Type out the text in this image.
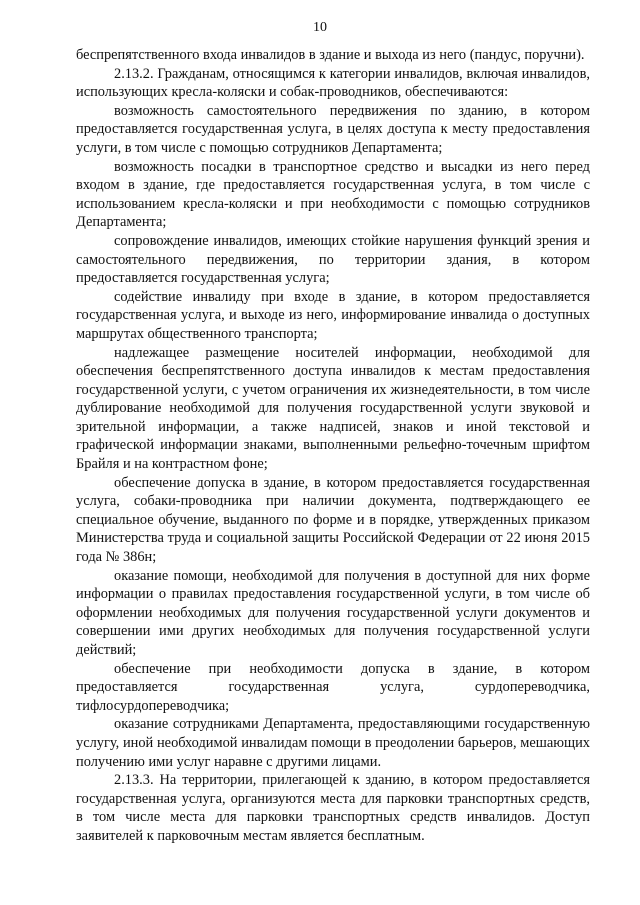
10

беспрепятственного входа инвалидов в здание и выхода из него (пандус, поручни).

2.13.2. Гражданам, относящимся к категории инвалидов, включая инвалидов, использующих кресла-коляски и собак-проводников, обеспечиваются:

возможность самостоятельного передвижения по зданию, в котором предоставляется государственная услуга, в целях доступа к месту предоставления услуги, в том числе с помощью сотрудников Департамента;

возможность посадки в транспортное средство и высадки из него перед входом в здание, где предоставляется государственная услуга, в том числе с использованием кресла-коляски и при необходимости с помощью сотрудников Департамента;

сопровождение инвалидов, имеющих стойкие нарушения функций зрения и самостоятельного передвижения, по территории здания, в котором предоставляется государственная услуга;

содействие инвалиду при входе в здание, в котором предоставляется государственная услуга, и выходе из него, информирование инвалида о доступных маршрутах общественного транспорта;

надлежащее размещение носителей информации, необходимой для обеспечения беспрепятственного доступа инвалидов к местам предоставления государственной услуги, с учетом ограничения их жизнедеятельности, в том числе дублирование необходимой для получения государственной услуги звуковой и зрительной информации, а также надписей, знаков и иной текстовой и графической информации знаками, выполненными рельефно-точечным шрифтом Брайля и на контрастном фоне;

обеспечение допуска в здание, в котором предоставляется государственная услуга, собаки-проводника при наличии документа, подтверждающего ее специальное обучение, выданного по форме и в порядке, утвержденных приказом Министерства труда и социальной защиты Российской Федерации от 22 июня 2015 года № 386н;

оказание помощи, необходимой для получения в доступной для них форме информации о правилах предоставления государственной услуги, в том числе об оформлении необходимых для получения государственной услуги документов и совершении ими других необходимых для получения государственной услуги действий;

обеспечение при необходимости допуска в здание, в котором предоставляется государственная услуга, сурдопереводчика, тифлосурдопереводчика;

оказание сотрудниками Департамента, предоставляющими государственную услугу, иной необходимой инвалидам помощи в преодолении барьеров, мешающих получению ими услуг наравне с другими лицами.

2.13.3. На территории, прилегающей к зданию, в котором предоставляется государственная услуга, организуются места для парковки транспортных средств, в том числе места для парковки транспортных средств инвалидов. Доступ заявителей к парковочным местам является бесплатным.
